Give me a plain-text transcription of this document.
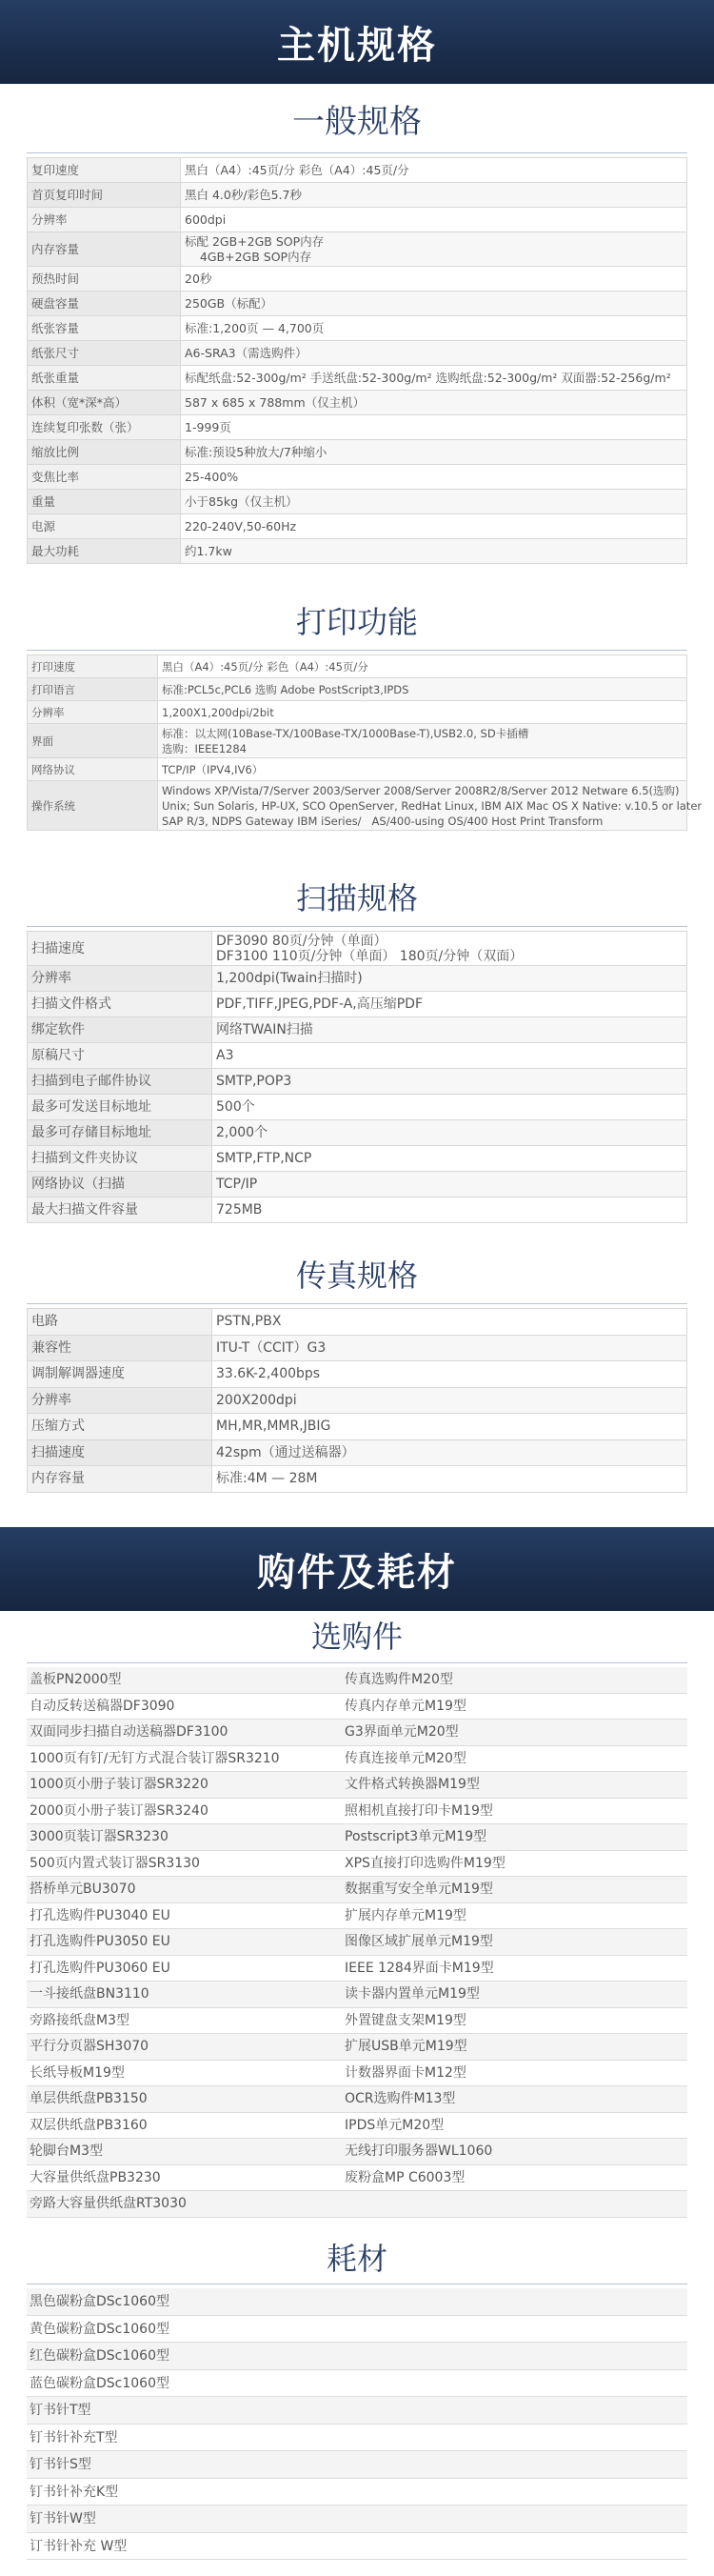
主机规格
一般规格
复印速度	黑白（A4）:45页/分 彩色（A4）:45页/分

首页复印时间	黑白 4.0秒/彩色5.7秒

分辨率	600dpi

内存容量	标配 2GB+2GB SOP内存
4GB+2GB SOP内存

预热时间	20秒

硬盘容量	250GB（标配）

纸张容量	标准:1,200页 — 4,700页

纸张尺寸	A6-SRA3（需选购件）

纸张重量	标配纸盘:52-300g/m² 手送纸盘:52-300g/m² 选购纸盘:52-300g/m² 双面器:52-256g/m²

体积（宽*深*高）	587 x 685 x 788mm（仅主机）

连续复印张数（张）	1-999页

缩放比例	标准:预设5种放大/7种缩小

变焦比率	25-400%

重量	小于85kg（仅主机）

电源	220-240V,50-60Hz

最大功耗	约1.7kw
打印功能
打印速度	黑白（A4）:45页/分 彩色（A4）:45页/分

打印语言	标准:PCL5c,PCL6 选购 Adobe PostScript3,IPDS

分辨率	1,200X1,200dpi/2bit

界面	标准：以太网(10Base-TX/100Base-TX/1000Base-T),USB2.0, SD卡插槽
选购：IEEE1284

网络协议	TCP/IP（IPV4,IV6）

操作系统	Windows XP/Vista/7/Server 2003/Server 2008/Server 2008R2/8/Server 2012 Netware 6.5(选购)
Unix; Sun Solaris, HP-UX, SCO OpenServer, RedHat Linux, IBM AIX Mac OS X Native: v.10.5 or later
SAP R/3, NDPS Gateway IBM iSeries/   AS/400-using OS/400 Host Print Transform
扫描规格
扫描速度	DF3090 80页/分钟（单面）
DF3100 110页/分钟（单面） 180页/分钟（双面）

分辨率	1,200dpi(Twain扫描时)

扫描文件格式	PDF,TIFF,JPEG,PDF-A,高压缩PDF

绑定软件	网络TWAIN扫描

原稿尺寸	A3

扫描到电子邮件协议	SMTP,POP3

最多可发送目标地址	500个

最多可存储目标地址	2,000个

扫描到文件夹协议	SMTP,FTP,NCP

网络协议（扫描	TCP/IP

最大扫描文件容量	725MB
传真规格
电路	PSTN,PBX

兼容性	ITU-T（CCIT）G3

调制解调器速度	33.6K-2,400bps

分辨率	200X200dpi

压缩方式	MH,MR,MMR,JBIG

扫描速度	42spm（通过送稿器）

内存容量	标准:4M — 28M
购件及耗材
选购件
盖板PN2000型	传真选购件M20型
自动反转送稿器DF3090	传真内存单元M19型
双面同步扫描自动送稿器DF3100	G3界面单元M20型
1000页有钉/无钉方式混合装订器SR3210	传真连接单元M20型
1000页小册子装订器SR3220	文件格式转换器M19型
2000页小册子装订器SR3240	照相机直接打印卡M19型
3000页装订器SR3230	Postscript3单元M19型
500页内置式装订器SR3130	XPS直接打印选购件M19型
搭桥单元BU3070	数据重写安全单元M19型
打孔选购件PU3040 EU	扩展内存单元M19型
打孔选购件PU3050 EU	图像区域扩展单元M19型
打孔选购件PU3060 EU	IEEE 1284界面卡M19型
一斗接纸盘BN3110	读卡器内置单元M19型
旁路接纸盘M3型	外置键盘支架M19型
平行分页器SH3070	扩展USB单元M19型
长纸导板M19型	计数器界面卡M12型
单层供纸盘PB3150	OCR选购件M13型
双层供纸盘PB3160	IPDS单元M20型
轮脚台M3型	无线打印服务器WL1060
大容量供纸盘PB3230	废粉盒MP C6003型
旁路大容量供纸盘RT3030
耗材
黑色碳粉盒DSc1060型
黄色碳粉盒DSc1060型
红色碳粉盒DSc1060型
蓝色碳粉盒DSc1060型
钉书针T型
钉书针补充T型
钉书针S型
钉书针补充K型
钉书针W型
订书针补充 W型
